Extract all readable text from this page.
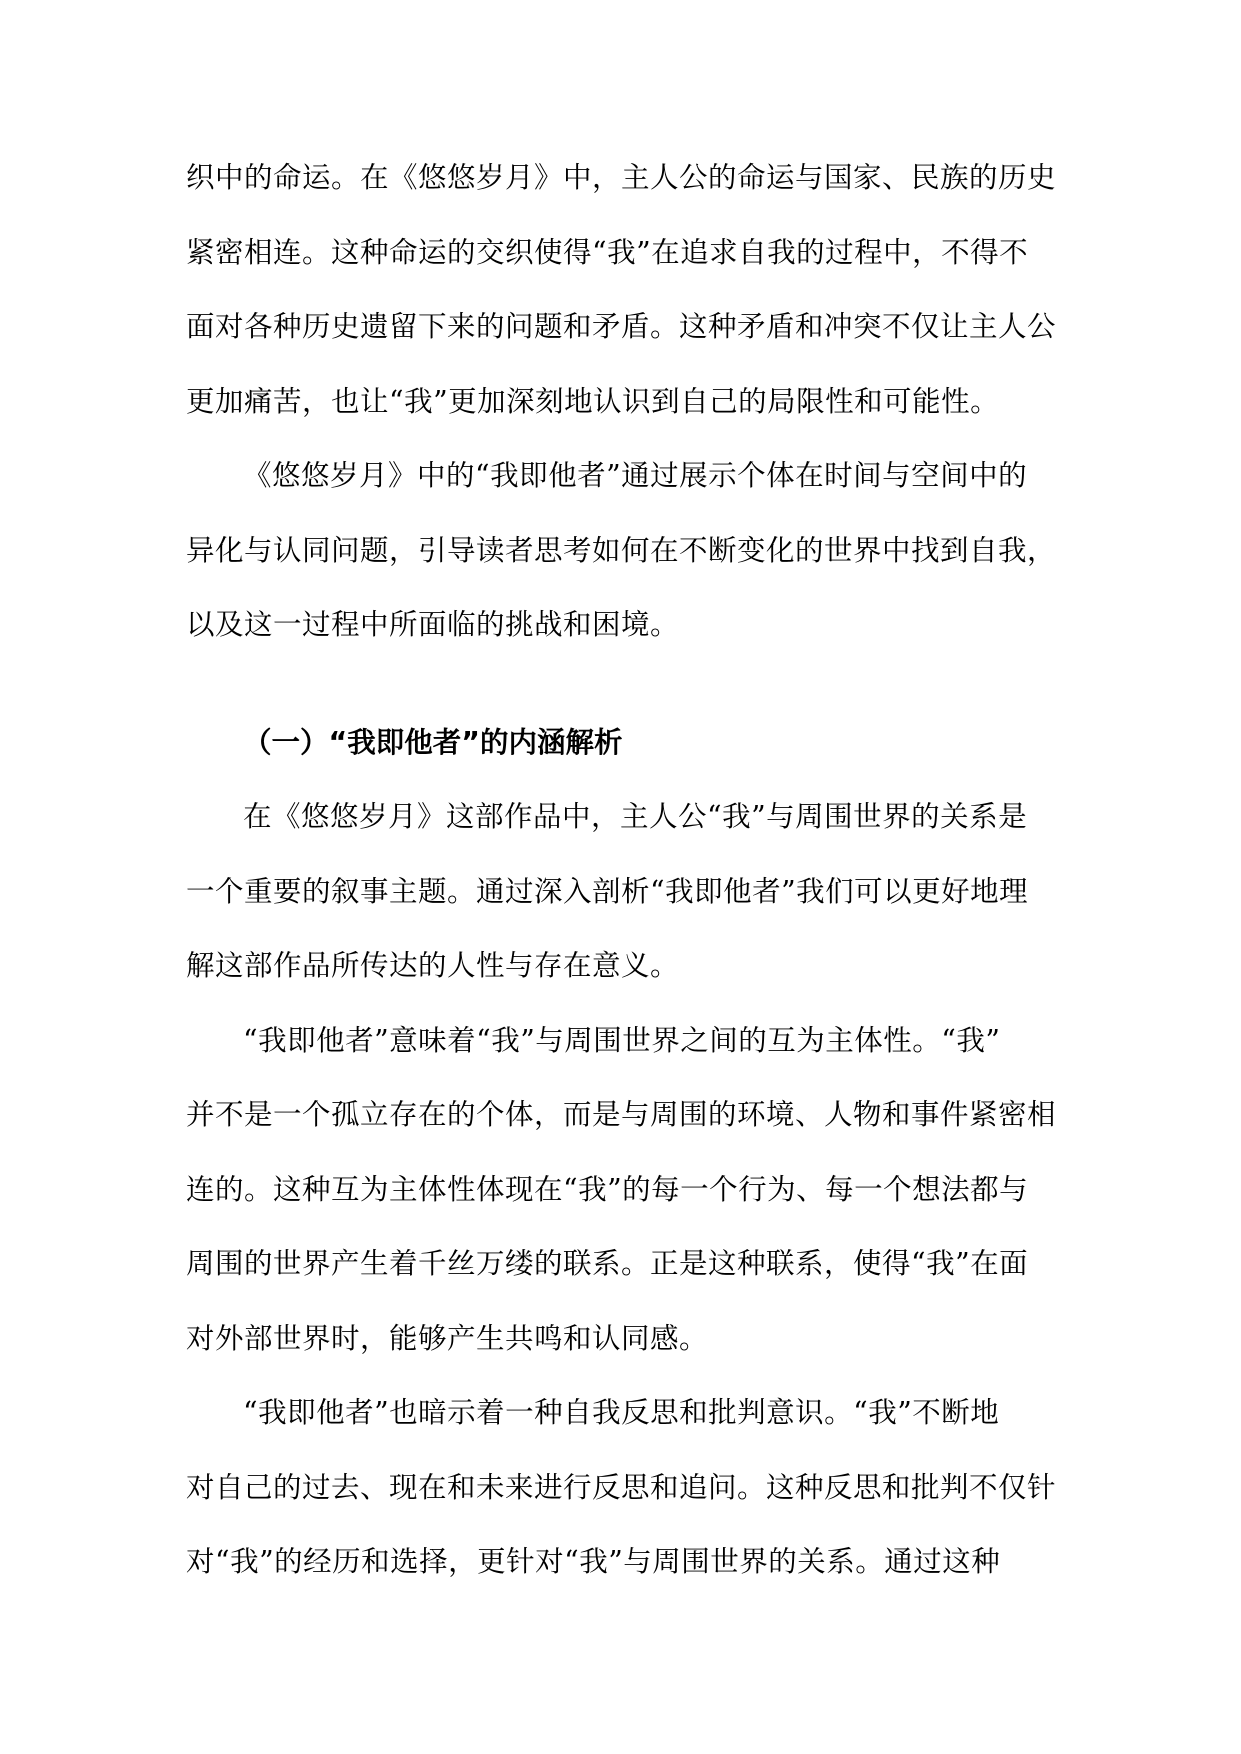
织中的命运。在《悠悠岁月》中，主人公的命运与国家、民族的历史
紧密相连。这种命运的交织使得“我”在追求自我的过程中，不得不
面对各种历史遗留下来的问题和矛盾。这种矛盾和冲突不仅让主人公
更加痛苦，也让“我”更加深刻地认识到自己的局限性和可能性。

《悠悠岁月》中的“我即他者”通过展示个体在时间与空间中的
异化与认同问题，引导读者思考如何在不断变化的世界中找到自我，
以及这一过程中所面临的挑战和困境。

（一）“我即他者”的内涵解析

在《悠悠岁月》这部作品中，主人公“我”与周围世界的关系是
一个重要的叙事主题。通过深入剖析“我即他者”我们可以更好地理
解这部作品所传达的人性与存在意义。

“我即他者”意味着“我”与周围世界之间的互为主体性。“我”
并不是一个孤立存在的个体，而是与周围的环境、人物和事件紧密相
连的。这种互为主体性体现在“我”的每一个行为、每一个想法都与
周围的世界产生着千丝万缕的联系。正是这种联系，使得“我”在面
对外部世界时，能够产生共鸣和认同感。

“我即他者”也暗示着一种自我反思和批判意识。“我”不断地
对自己的过去、现在和未来进行反思和追问。这种反思和批判不仅针
对“我”的经历和选择，更针对“我”与周围世界的关系。通过这种
